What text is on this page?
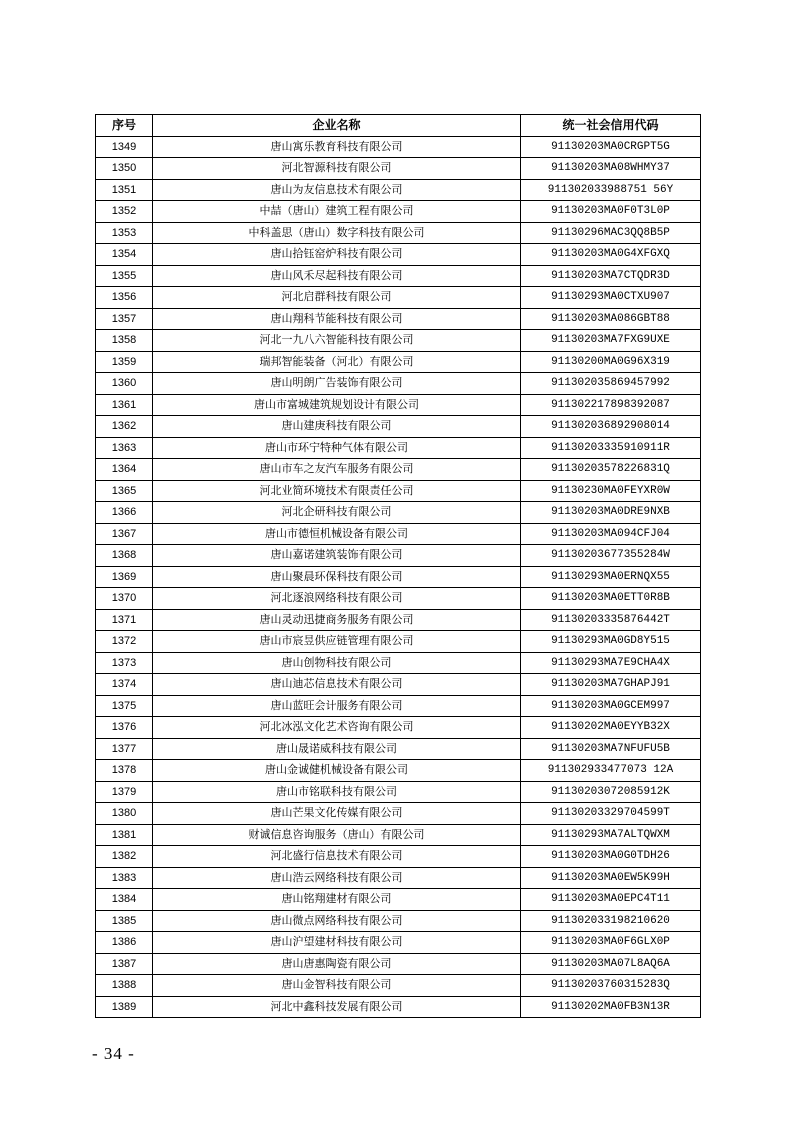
序号	企业名称	统一社会信用代码
1349	唐山寓乐教育科技有限公司	91130203MA0CRGPT5G
1350	河北智源科技有限公司	91130203MA08WHMY37
1351	唐山为友信息技术有限公司	911302033988751 56Y
1352	中喆（唐山）建筑工程有限公司	91130203MA0F0T3L0P
1353	中科盖思（唐山）数字科技有限公司	91130296MAC3QQ8B5P
1354	唐山拾钰窑炉科技有限公司	91130203MA0G4XFGXQ
1355	唐山风禾尽起科技有限公司	91130203MA7CTQDR3D
1356	河北启群科技有限公司	91130293MA0CTXU907
1357	唐山翔科节能科技有限公司	91130203MA086GBT88
1358	河北一九八六智能科技有限公司	91130203MA7FXG9UXE
1359	瑞邦智能装备（河北）有限公司	91130200MA0G96X319
1360	唐山明朗广告装饰有限公司	911302035869457992
1361	唐山市富城建筑规划设计有限公司	911302217898392087
1362	唐山建庚科技有限公司	911302036892908014
1363	唐山市环宁特种气体有限公司	91130203335910911R
1364	唐山市车之友汽车服务有限公司	91130203578226831Q
1365	河北业简环境技术有限责任公司	91130230MA0FEYXR0W
1366	河北企研科技有限公司	91130203MA0DRE9NXB
1367	唐山市德恒机械设备有限公司	91130203MA094CFJ04
1368	唐山嘉诺建筑装饰有限公司	91130203677355284W
1369	唐山聚晨环保科技有限公司	91130293MA0ERNQX55
1370	河北逐浪网络科技有限公司	91130203MA0ETT0R8B
1371	唐山灵动迅捷商务服务有限公司	91130203335876442T
1372	唐山市宸昱供应链管理有限公司	91130293MA0GD8Y515
1373	唐山创物科技有限公司	91130293MA7E9CHA4X
1374	唐山迪芯信息技术有限公司	91130203MA7GHAPJ91
1375	唐山蓝旺会计服务有限公司	91130203MA0GCEM997
1376	河北冰泓文化艺术咨询有限公司	91130202MA0EYYB32X
1377	唐山晟诺威科技有限公司	91130203MA7NFUFU5B
1378	唐山金诚健机械设备有限公司	911302933477073 12A
1379	唐山市铭联科技有限公司	91130203072085912K
1380	唐山芒果文化传媒有限公司	91130203329704599T
1381	财诚信息咨询服务（唐山）有限公司	91130293MA7ALTQWXM
1382	河北盛行信息技术有限公司	91130203MA0G0TDH26
1383	唐山浩云网络科技有限公司	91130203MA0EW5K99H
1384	唐山铭翔建材有限公司	91130203MA0EPC4T11
1385	唐山微点网络科技有限公司	911302033198210620
1386	唐山沪望建材科技有限公司	91130203MA0F6GLX0P
1387	唐山唐惠陶瓷有限公司	91130203MA07L8AQ6A
1388	唐山金智科技有限公司	91130203760315283Q
1389	河北中鑫科技发展有限公司	91130202MA0FB3N13R
- 34 -
